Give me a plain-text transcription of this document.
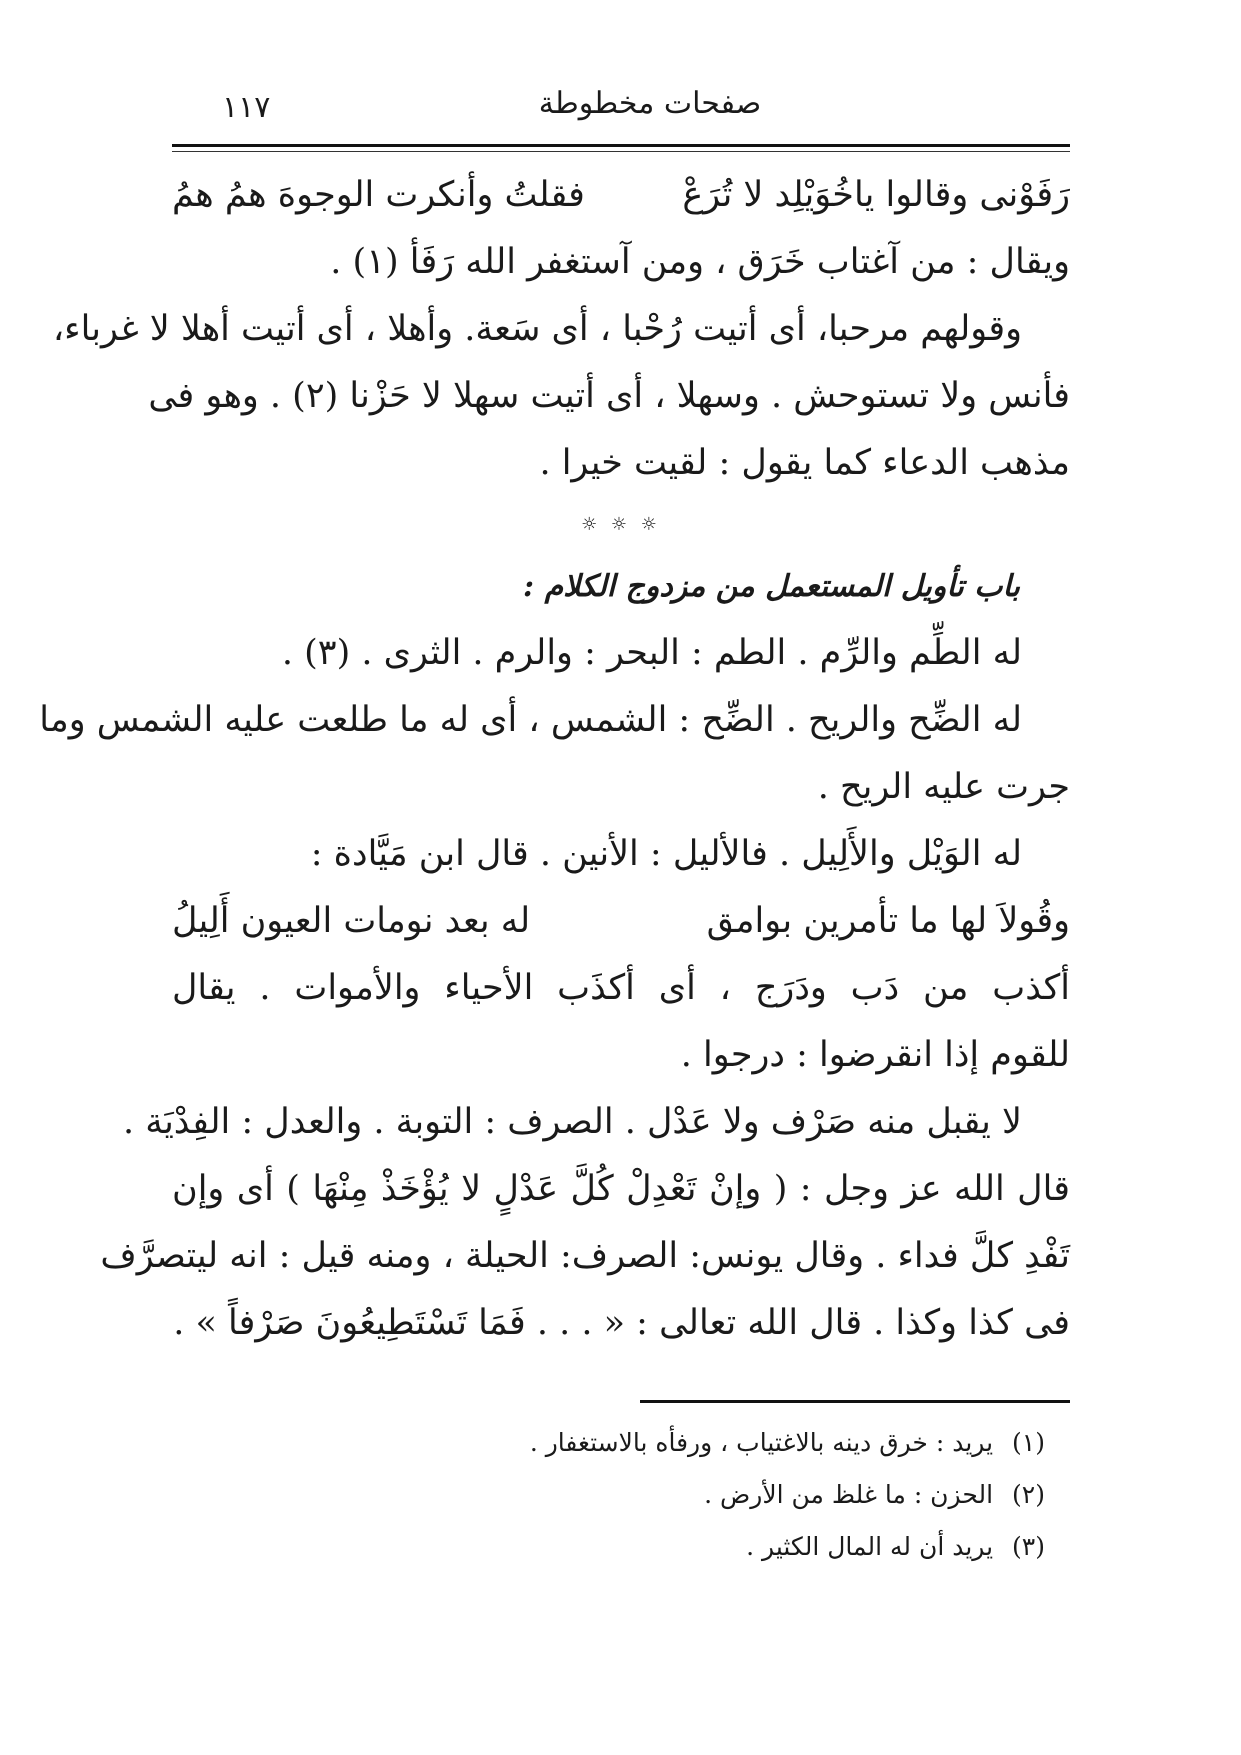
١١٧	صفحات مخطوطة
رَفَوْنى وقالوا ياخُوَيْلِد لا تُرَعْ
فقلتُ وأنكرت الوجوهَ همُ همُ
ويقال : من آغتاب خَرَق ، ومن آستغفر الله رَفَأ (١) .
وقولهم مرحبا، أى أتيت رُحْبا ، أى سَعة. وأهلا ، أى أتيت أهلا لا غرباء،
فأنس ولا تستوحش . وسهلا ، أى أتيت سهلا لا حَزْنا (٢) . وهو فى
مذهب الدعاء كما يقول : لقيت خيرا .
☼ ☼ ☼
باب تأويل المستعمل من مزدوج الكلام :
له الطِّم والرِّم . الطم : البحر : والرم . الثرى . (٣) .
له الضِّح والريح . الضِّح : الشمس ، أى له ما طلعت عليه الشمس وما
جرت عليه الريح .
له الوَيْل والأَلِيل . فالأليل : الأنين . قال ابن مَيَّادة :
وقُولاَ لها ما تأمرين بوامق
له بعد نومات العيون أَلِيلُ
أكذب من دَب ودَرَج ، أى أكذَب الأحياء والأموات . يقال
للقوم إذا انقرضوا : درجوا .
لا يقبل منه صَرْف ولا عَدْل . الصرف : التوبة . والعدل : الفِدْيَة .
قال الله عز وجل : ( وإنْ تَعْدِلْ كُلَّ عَدْلٍ لا يُؤْخَذْ مِنْهَا ) أى وإن
تَفْدِ كلَّ فداء . وقال يونس: الصرف: الحيلة ، ومنه قيل : انه ليتصرَّف
فى كذا وكذا . قال الله تعالى : « . . . فَمَا تَسْتَطِيعُونَ صَرْفاً » .
(١) يريد : خرق دينه بالاغتياب ، ورفأه بالاستغفار .
(٢) الحزن : ما غلظ من الأرض .
(٣) يريد أن له المال الكثير .
